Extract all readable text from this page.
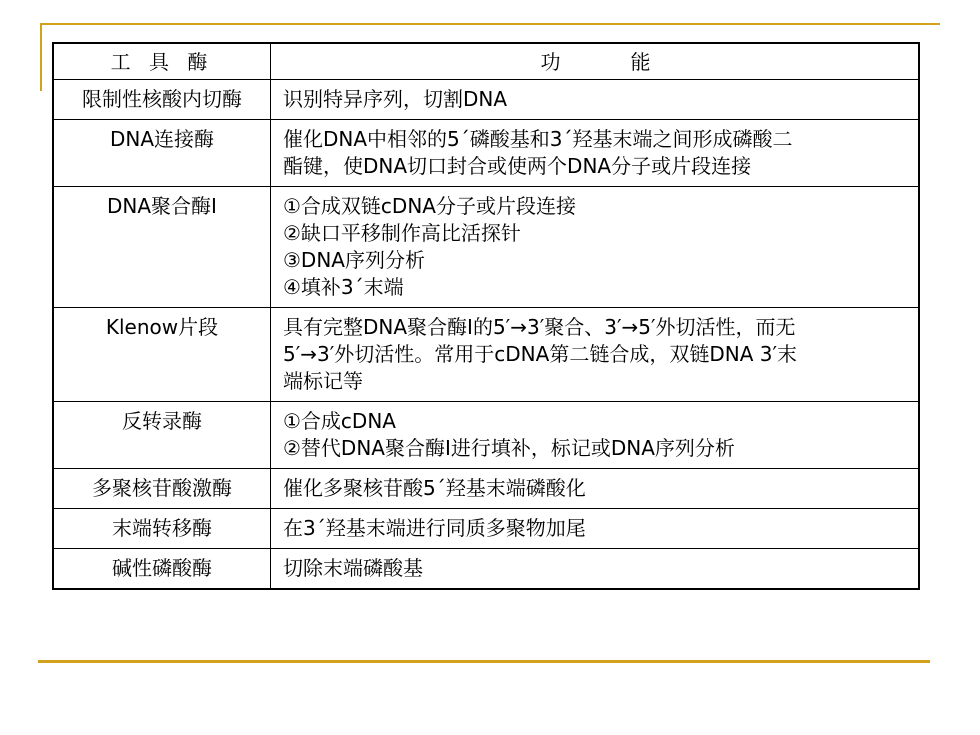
工 具 酶	功 能
限制性核酸内切酶	识别特异序列，切割DNA

DNA连接酶	催化DNA中相邻的5´磷酸基和3´羟基末端之间形成磷酸二
酯键，使DNA切口封合或使两个DNA分子或片段连接

DNA聚合酶Ⅰ	①合成双链cDNA分子或片段连接
②缺口平移制作高比活探针
③DNA序列分析
④填补3´末端

Klenow片段	具有完整DNA聚合酶I的5′→3′聚合、3′→5′外切活性，而无
5′→3′外切活性。常用于cDNA第二链合成，双链DNA 3′末
端标记等

反转录酶	①合成cDNA
②替代DNA聚合酶I进行填补，标记或DNA序列分析

多聚核苷酸激酶	催化多聚核苷酸5´羟基末端磷酸化

末端转移酶	在3´羟基末端进行同质多聚物加尾

碱性磷酸酶	切除末端磷酸基
